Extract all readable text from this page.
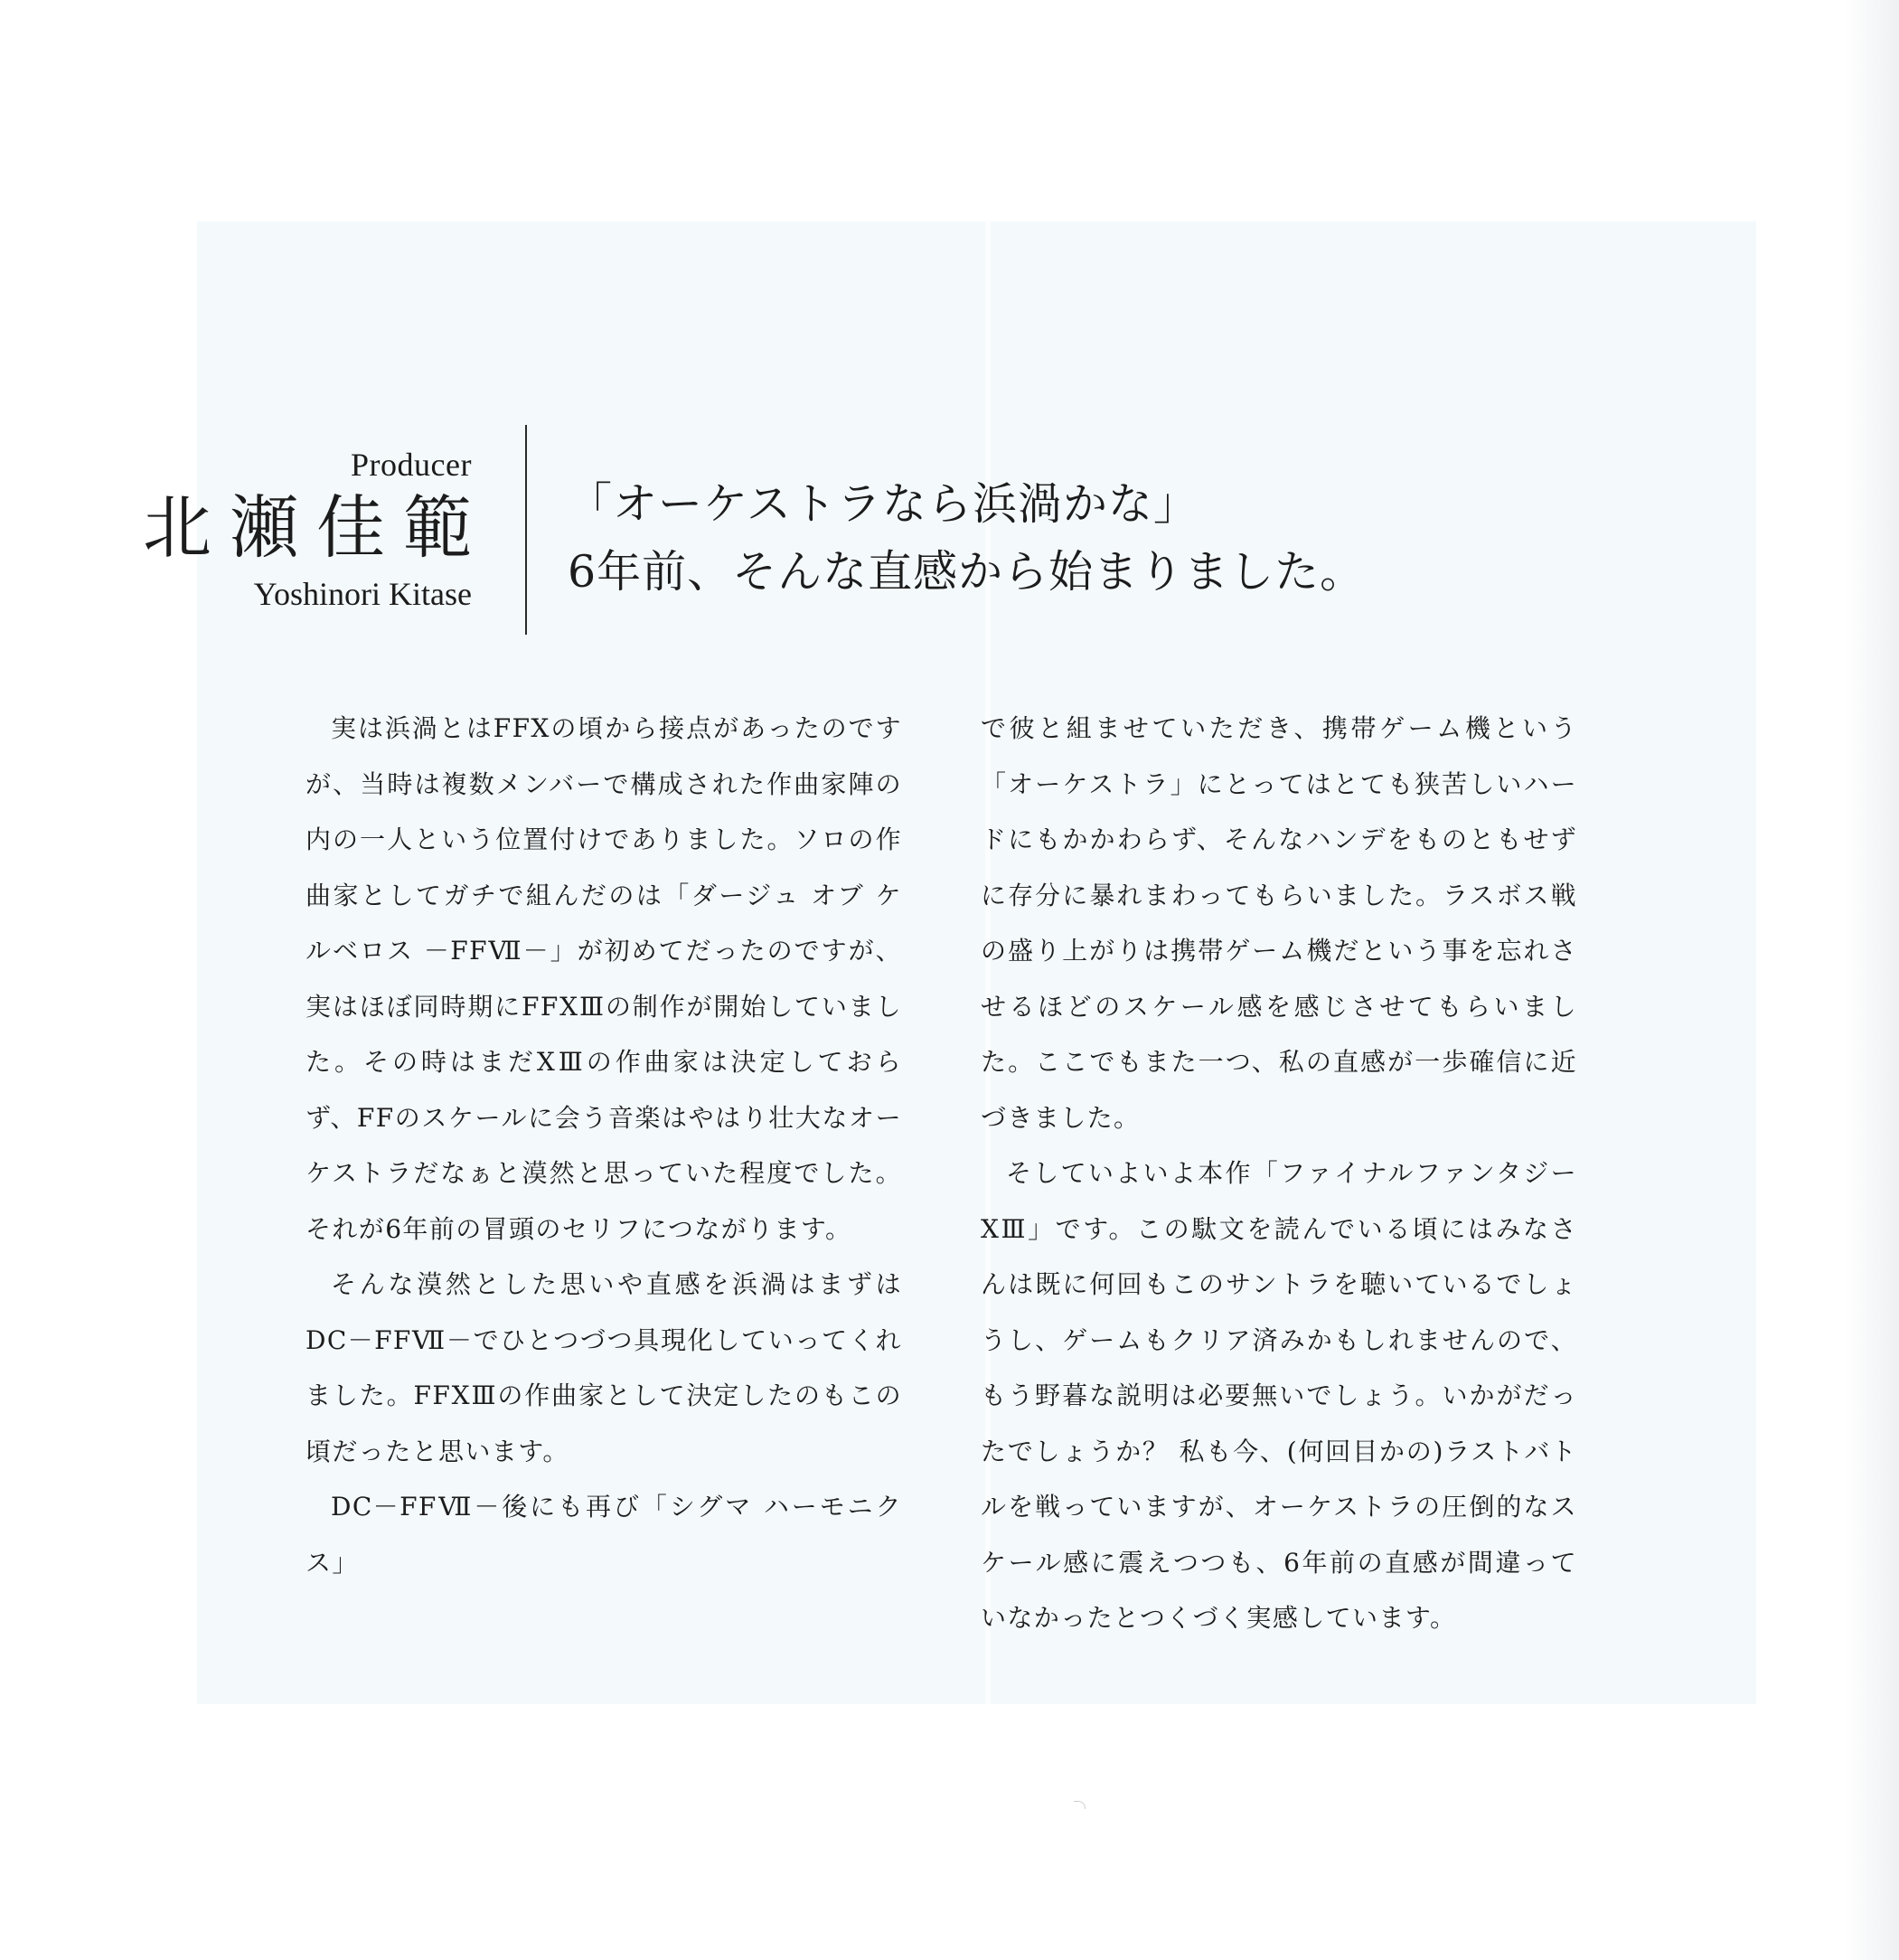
Producer
北瀬佳範
Yoshinori Kitase
「オーケストラなら浜渦かな」
6年前、そんな直感から始まりました。

実は浜渦とはFFXの頃から接点があったのですが、当時は複数メンバーで構成された作曲家陣の内の一人という位置付けでありました。ソロの作曲家としてガチで組んだのは「ダージュ オブ ケルベロス －FFⅦ－」が初めてだったのですが、実はほぼ同時期にFFⅩⅢの制作が開始していました。その時はまだⅩⅢの作曲家は決定しておらず、FFのスケールに会う音楽はやはり壮大なオーケストラだなぁと漠然と思っていた程度でした。それが6年前の冒頭のセリフにつながります。

そんな漠然とした思いや直感を浜渦はまずはDC－FFⅦ－でひとつづつ具現化していってくれました。FFⅩⅢの作曲家として決定したのもこの頃だったと思います。

DC－FFⅦ－後にも再び「シグマ ハーモニクス」

で彼と組ませていただき、携帯ゲーム機という「オーケストラ」にとってはとても狭苦しいハードにもかかわらず、そんなハンデをものともせずに存分に暴れまわってもらいました。ラスボス戦の盛り上がりは携帯ゲーム機だという事を忘れさせるほどのスケール感を感じさせてもらいました。ここでもまた一つ、私の直感が一歩確信に近づきました。

そしていよいよ本作「ファイナルファンタジーⅩⅢ」です。この駄文を読んでいる頃にはみなさんは既に何回もこのサントラを聴いているでしょうし、ゲームもクリア済みかもしれませんので、もう野暮な説明は必要無いでしょう。いかがだったでしょうか？ 私も今、(何回目かの)ラストバトルを戦っていますが、オーケストラの圧倒的なスケール感に震えつつも、6年前の直感が間違っていなかったとつくづく実感しています。
